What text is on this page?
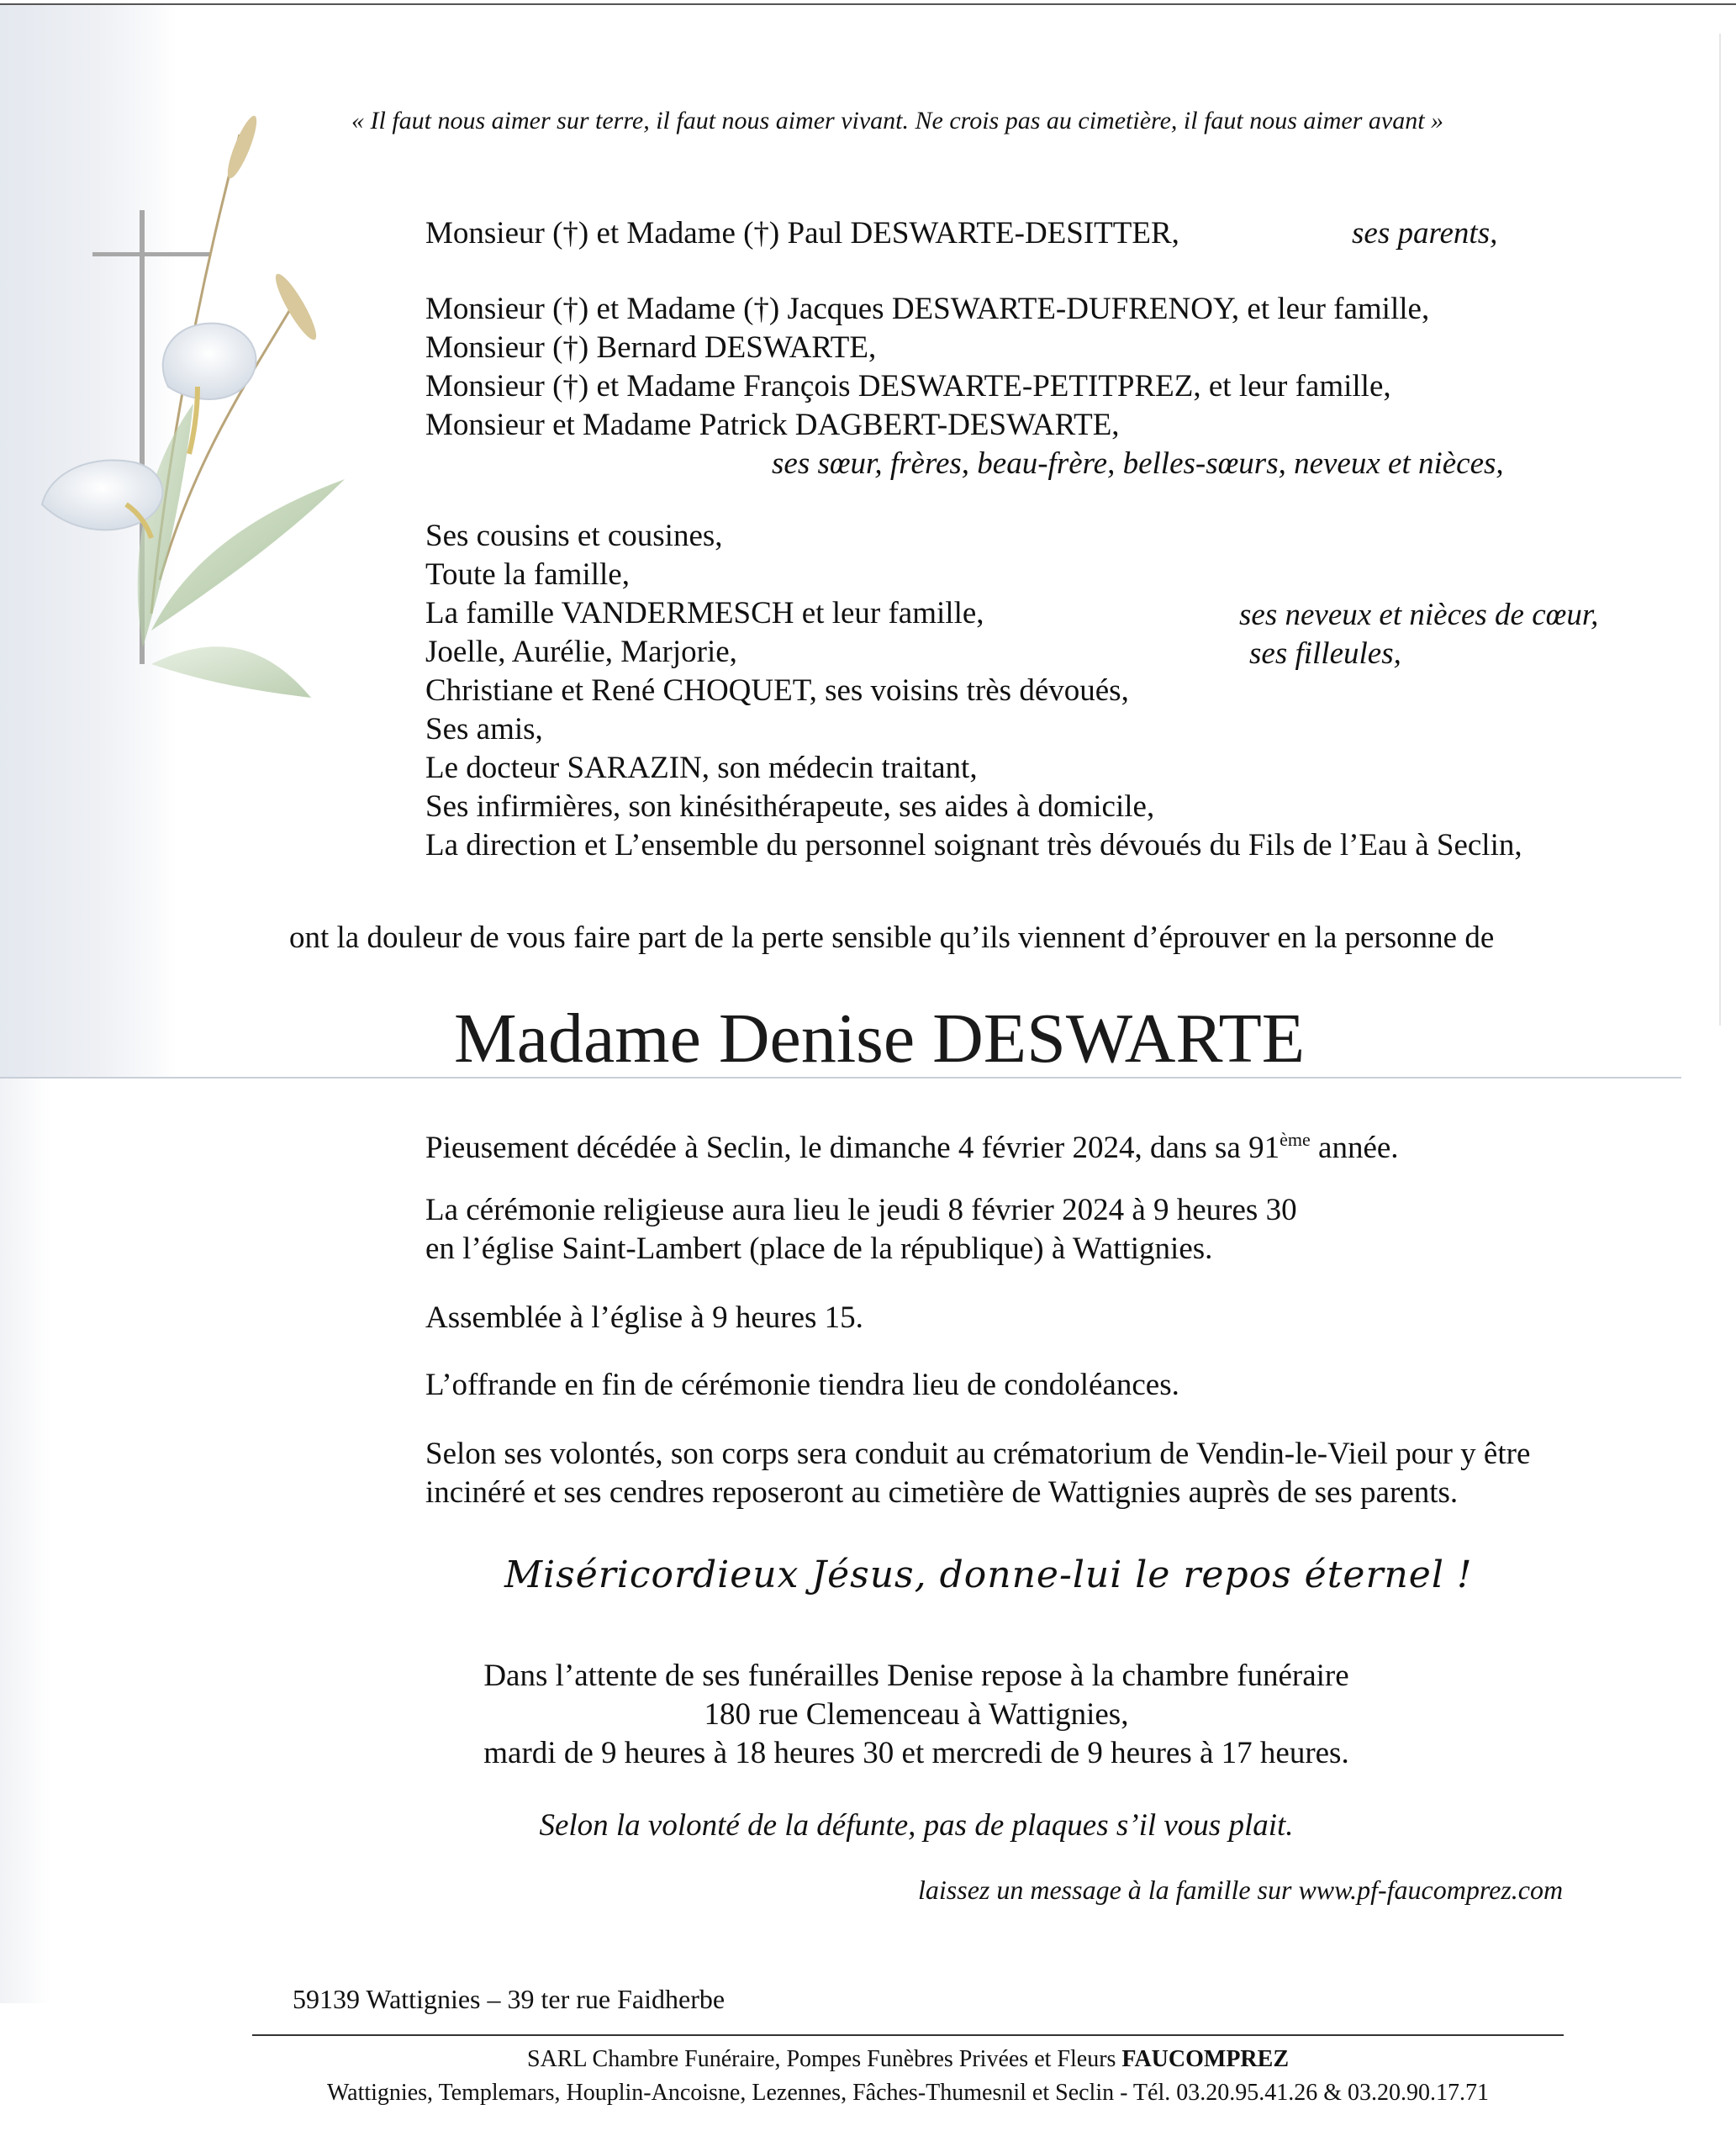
« Il faut nous aimer sur terre, il faut nous aimer vivant. Ne crois pas au cimetière, il faut nous aimer avant »
Monsieur (†) et Madame (†) Paul DESWARTE-DESITTER,	ses parents,
Monsieur (†) et Madame (†) Jacques DESWARTE-DUFRENOY, et leur famille,
Monsieur (†) Bernard DESWARTE,
Monsieur (†) et Madame François DESWARTE-PETITPREZ, et leur famille,
Monsieur et Madame Patrick DAGBERT-DESWARTE,
ses sœur, frères, beau-frère, belles-sœurs, neveux et nièces,
Ses cousins et cousines,
Toute la famille,
La famille VANDERMESCH et leur famille,	ses neveux et nièces de cœur,
Joelle, Aurélie, Marjorie,	ses filleules,
Christiane et René CHOQUET, ses voisins très dévoués,
Ses amis,
Le docteur SARAZIN, son médecin traitant,
Ses infirmières, son kinésithérapeute, ses aides à domicile,
La direction et L’ensemble du personnel soignant très dévoués du Fils de l’Eau à Seclin,
ont la douleur de vous faire part de la perte sensible qu’ils viennent d’éprouver en la personne de
Madame Denise DESWARTE
Pieusement décédée à Seclin, le dimanche 4 février 2024, dans sa 91ème année.
La cérémonie religieuse aura lieu le jeudi 8 février 2024 à 9 heures 30
en l’église Saint-Lambert (place de la république) à Wattignies.
Assemblée à l’église à 9 heures 15.
L’offrande en fin de cérémonie tiendra lieu de condoléances.
Selon ses volontés, son corps sera conduit au crématorium de Vendin-le-Vieil pour y être
incinéré et ses cendres reposeront au cimetière de Wattignies auprès de ses parents.
Miséricordieux Jésus, donne-lui le repos éternel !
Dans l’attente de ses funérailles Denise repose à la chambre funéraire
180 rue Clemenceau à Wattignies,
mardi de 9 heures à 18 heures 30 et mercredi de 9 heures à 17 heures.
Selon la volonté de la défunte, pas de plaques s’il vous plait.
laissez un message à la famille sur www.pf-faucomprez.com
59139 Wattignies – 39 ter rue Faidherbe
SARL Chambre Funéraire, Pompes Funèbres Privées et Fleurs FAUCOMPREZ
Wattignies, Templemars, Houplin-Ancoisne, Lezennes, Fâches-Thumesnil et Seclin - Tél. 03.20.95.41.26 & 03.20.90.17.71
